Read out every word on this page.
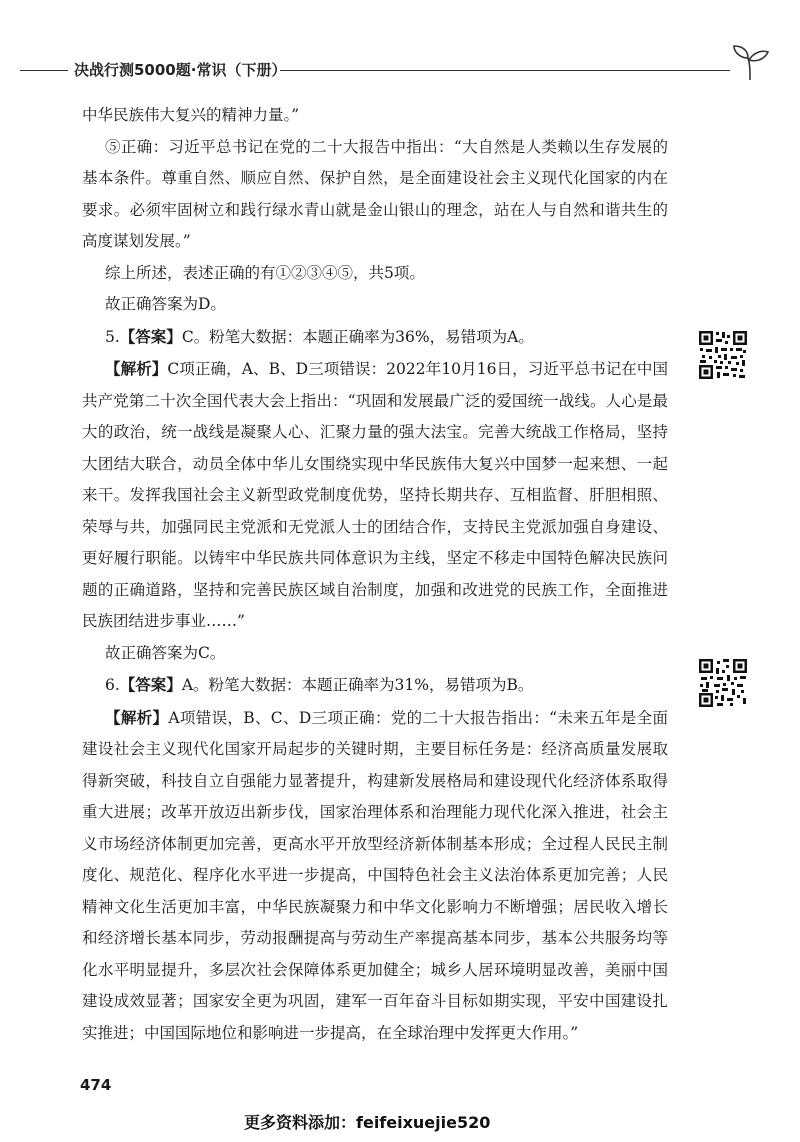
决战行测5000题·常识（下册）

中华民族伟大复兴的精神力量。”

⑤正确：习近平总书记在党的二十大报告中指出：“大自然是人类赖以生存发展的基本条件。尊重自然、顺应自然、保护自然，是全面建设社会主义现代化国家的内在要求。必须牢固树立和践行绿水青山就是金山银山的理念，站在人与自然和谐共生的高度谋划发展。”

综上所述，表述正确的有①②③④⑤，共5项。

故正确答案为D。

5.【答案】C。粉笔大数据：本题正确率为36%，易错项为A。

【解析】C项正确，A、B、D三项错误：2022年10月16日，习近平总书记在中国共产党第二十次全国代表大会上指出：“巩固和发展最广泛的爱国统一战线。人心是最大的政治，统一战线是凝聚人心、汇聚力量的强大法宝。完善大统战工作格局，坚持大团结大联合，动员全体中华儿女围绕实现中华民族伟大复兴中国梦一起来想、一起来干。发挥我国社会主义新型政党制度优势，坚持长期共存、互相监督、肝胆相照、荣辱与共，加强同民主党派和无党派人士的团结合作，支持民主党派加强自身建设、更好履行职能。以铸牢中华民族共同体意识为主线，坚定不移走中国特色解决民族问题的正确道路，坚持和完善民族区域自治制度，加强和改进党的民族工作，全面推进民族团结进步事业……”

故正确答案为C。

6.【答案】A。粉笔大数据：本题正确率为31%，易错项为B。

【解析】A项错误，B、C、D三项正确：党的二十大报告指出：“未来五年是全面建设社会主义现代化国家开局起步的关键时期，主要目标任务是：经济高质量发展取得新突破，科技自立自强能力显著提升，构建新发展格局和建设现代化经济体系取得重大进展；改革开放迈出新步伐，国家治理体系和治理能力现代化深入推进，社会主义市场经济体制更加完善，更高水平开放型经济新体制基本形成；全过程人民民主制度化、规范化、程序化水平进一步提高，中国特色社会主义法治体系更加完善；人民精神文化生活更加丰富，中华民族凝聚力和中华文化影响力不断增强；居民收入增长和经济增长基本同步，劳动报酬提高与劳动生产率提高基本同步，基本公共服务均等化水平明显提升，多层次社会保障体系更加健全；城乡人居环境明显改善，美丽中国建设成效显著；国家安全更为巩固，建军一百年奋斗目标如期实现，平安中国建设扎实推进；中国国际地位和影响进一步提高，在全球治理中发挥更大作用。”

474
更多资料添加：feifeixuejie520
